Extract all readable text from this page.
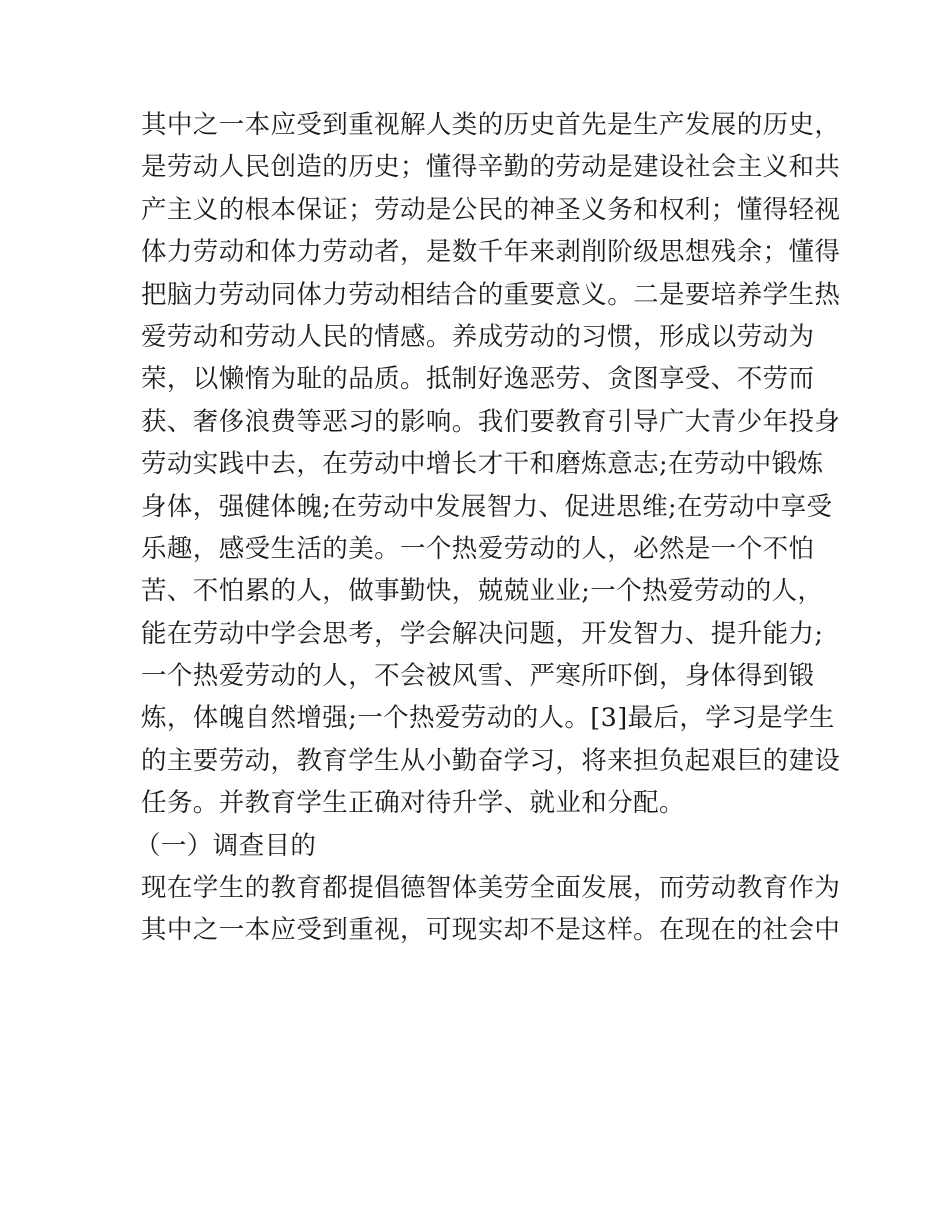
其中之一本应受到重视解人类的历史首先是生产发展的历史，
是劳动人民创造的历史；懂得辛勤的劳动是建设社会主义和共
产主义的根本保证；劳动是公民的神圣义务和权利；懂得轻视
体力劳动和体力劳动者，是数千年来剥削阶级思想残余；懂得
把脑力劳动同体力劳动相结合的重要意义。二是要培养学生热
爱劳动和劳动人民的情感。养成劳动的习惯，形成以劳动为
荣，以懒惰为耻的品质。抵制好逸恶劳、贪图享受、不劳而
获、奢侈浪费等恶习的影响。我们要教育引导广大青少年投身
劳动实践中去，在劳动中增长才干和磨炼意志;在劳动中锻炼
身体，强健体魄;在劳动中发展智力、促进思维;在劳动中享受
乐趣，感受生活的美。一个热爱劳动的人，必然是一个不怕
苦、不怕累的人，做事勤快，兢兢业业;一个热爱劳动的人，
能在劳动中学会思考，学会解决问题，开发智力、提升能力;
一个热爱劳动的人，不会被风雪、严寒所吓倒，身体得到锻
炼，体魄自然增强;一个热爱劳动的人。[3]最后，学习是学生
的主要劳动，教育学生从小勤奋学习，将来担负起艰巨的建设
任务。并教育学生正确对待升学、就业和分配。
（一）调查目的
现在学生的教育都提倡德智体美劳全面发展，而劳动教育作为
其中之一本应受到重视，可现实却不是这样。在现在的社会中
